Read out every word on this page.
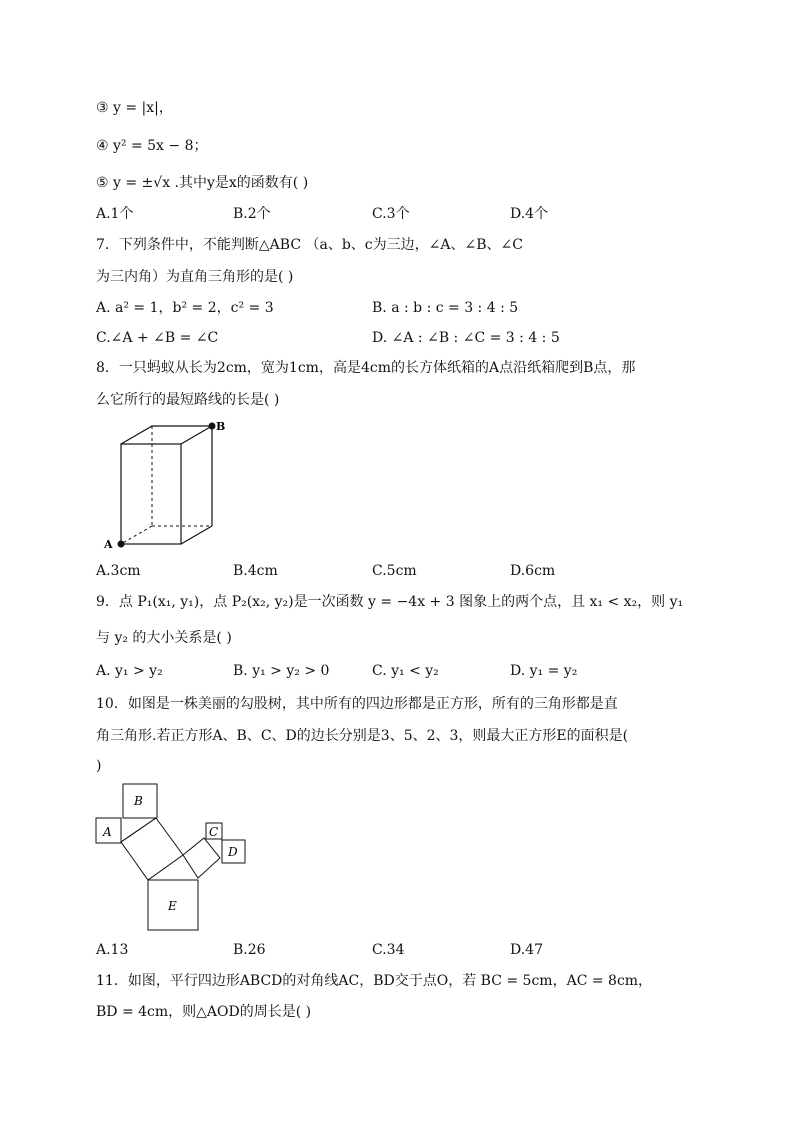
③ y = |x|，
④ y² = 5x − 8；
⑤ y = ±√x .其中y是x的函数有( )
A.1个	B.2个	C.3个	D.4个
7．下列条件中，不能判断△ABC （a、b、c为三边，∠A、∠B、∠C
为三内角）为直角三角形的是( )
A. a² = 1，b² = 2，c² = 3	B. a : b : c = 3 : 4 : 5
C.∠A + ∠B = ∠C	D. ∠A : ∠B : ∠C = 3 : 4 : 5
8．一只蚂蚁从长为2cm，宽为1cm，高是4cm的长方体纸箱的A点沿纸箱爬到B点，那
么它所行的最短路线的长是( )
A
B
A.3cm	B.4cm	C.5cm	D.6cm
9．点 P₁(x₁, y₁)，点 P₂(x₂, y₂)是一次函数 y = −4x + 3 图象上的两个点，且 x₁ < x₂，则 y₁
与 y₂ 的大小关系是( )
A. y₁ > y₂	B. y₁ > y₂ > 0	C. y₁ < y₂	D. y₁ = y₂
10．如图是一株美丽的勾股树，其中所有的四边形都是正方形，所有的三角形都是直
角三角形.若正方形A、B、C、D的边长分别是3、5、2、3，则最大正方形E的面积是(
)
A
B
C
D
E
A.13	B.26	C.34	D.47
11．如图，平行四边形ABCD的对角线AC，BD交于点O，若 BC = 5cm，AC = 8cm，
BD = 4cm，则△AOD的周长是( )
